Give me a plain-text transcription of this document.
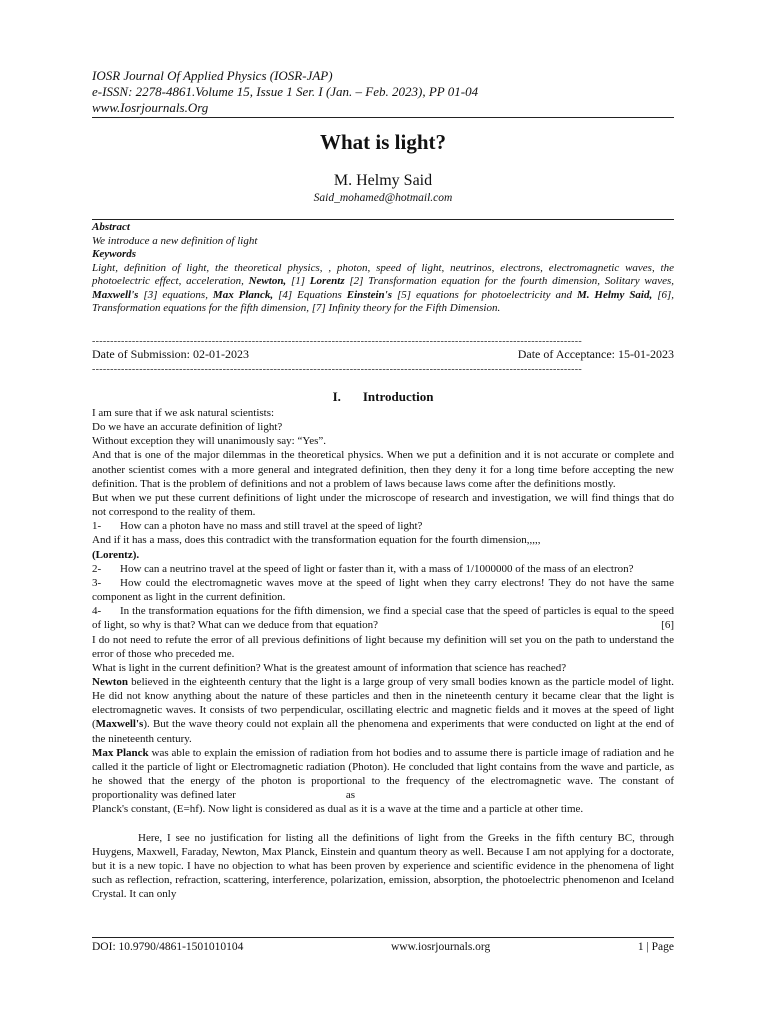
IOSR Journal Of Applied Physics (IOSR-JAP)
e-ISSN: 2278-4861.Volume 15, Issue 1 Ser. I (Jan. – Feb. 2023), PP 01-04
www.Iosrjournals.Org
What is light?
M. Helmy Said
Said_mohamed@hotmail.com
Abstract
We introduce a new definition of light
Keywords
Light, definition of light, the theoretical physics, , photon, speed of light, neutrinos, electrons, electromagnetic waves, the photoelectric effect, acceleration, Newton, [1] Lorentz [2] Transformation equation for the fourth dimension, Solitary waves, Maxwell's [3] equations, Max Planck, [4] Equations Einstein's [5] equations for photoelectricity and M. Helmy Said, [6], Transformation equations for the fifth dimension, [7] Infinity theory for the Fifth Dimension.
---------------------------------------------------------------------------------------------------------------------------------------
Date of Submission: 02-01-2023	Date of Acceptance: 15-01-2023
---------------------------------------------------------------------------------------------------------------------------------------
I. Introduction

I am sure that if we ask natural scientists:

Do we have an accurate definition of light?

Without exception they will unanimously say: “Yes”.

And that is one of the major dilemmas in the theoretical physics. When we put a definition and it is not accurate or complete and another scientist comes with a more general and integrated definition, then they deny it for a long time before accepting the new definition. That is the problem of definitions and not a problem of laws because laws come after the definitions mostly.

But when we put these current definitions of light under the microscope of research and investigation, we will find things that do not correspond to the reality of them.

1- How can a photon have no mass and still travel at the speed of light?

And if it has a mass, does this contradict with the transformation equation for the fourth dimension,,,,,

(Lorentz).

2- How can a neutrino travel at the speed of light or faster than it, with a mass of 1/1000000 of the mass of an electron?

3- How could the electromagnetic waves move at the speed of light when they carry electrons! They do not have the same component as light in the current definition.

4- In the transformation equations for the fifth dimension, we find a special case that the speed of particles is equal to the speed of light, so why is that? What can we deduce from that equation?	[6]

I do not need to refute the error of all previous definitions of light because my definition will set you on the path to understand the error of those who preceded me.

What is light in the current definition? What is the greatest amount of information that science has reached?

Newton believed in the eighteenth century that the light is a large group of very small bodies known as the particle model of light. He did not know anything about the nature of these particles and then in the nineteenth century it became clear that the light is electromagnetic waves. It consists of two perpendicular, oscillating electric and magnetic fields and it moves at the speed of light (Maxwell's). But the wave theory could not explain all the phenomena and experiments that were conducted on light at the end of the nineteenth century.

Max Planck was able to explain the emission of radiation from hot bodies and to assume there is particle image of radiation and he called it the particle of light or Electromagnetic radiation (Photon). He concluded that light contains from the wave and particle, as he showed that the energy of the photon is proportional to the frequency of the electromagnetic wave. The constant of proportionality was defined later	as

Planck's constant, (E=hf). Now light is considered as dual as it is a wave at the time and a particle at other time.

Here, I see no justification for listing all the definitions of light from the Greeks in the fifth century BC, through Huygens, Maxwell, Faraday, Newton, Max Planck, Einstein and quantum theory as well. Because I am not applying for a doctorate, but it is a new topic. I have no objection to what has been proven by experience and scientific evidence in the phenomena of light such as reflection, refraction, scattering, interference, polarization, emission, absorption, the photoelectric phenomenon and Iceland Crystal. It can only

DOI: 10.9790/4861-1501010104	www.iosrjournals.org	1 | Page
